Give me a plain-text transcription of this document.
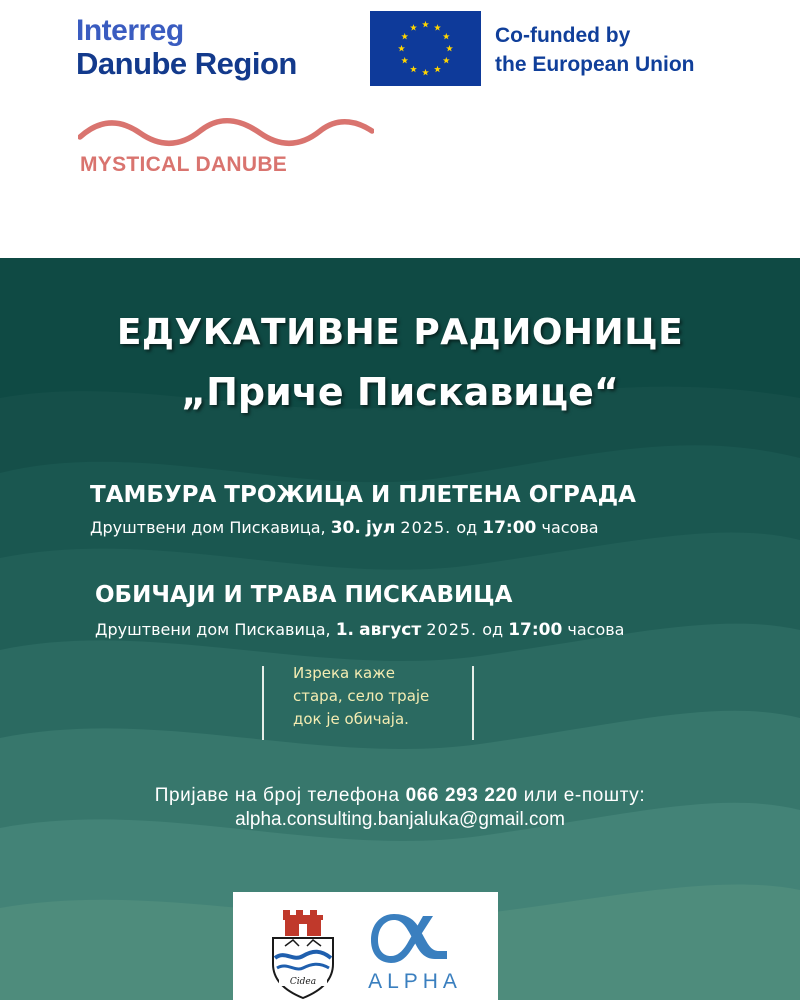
Interreg
Danube Region
Co-funded by
the European Union
MYSTICAL DANUBE
ЕДУКАТИВНЕ РАДИОНИЦЕ
„Приче Пискавице“
ТАМБУРА ТРОЖИЦА И ПЛЕТЕНА ОГРАДА
Друштвени дом Пискавица, 30. јул 2025. од 17:00 часова
ОБИЧАЈИ И ТРАВА ПИСКАВИЦА
Друштвени дом Пискавица, 1. август 2025. од 17:00 часова
Изрека каже
стара, село траје
док је обичаја.
Пријаве на број телефона 066 293 220 или е-пошту:
alpha.consulting.banjaluka@gmail.com
Cidea ALPHA
